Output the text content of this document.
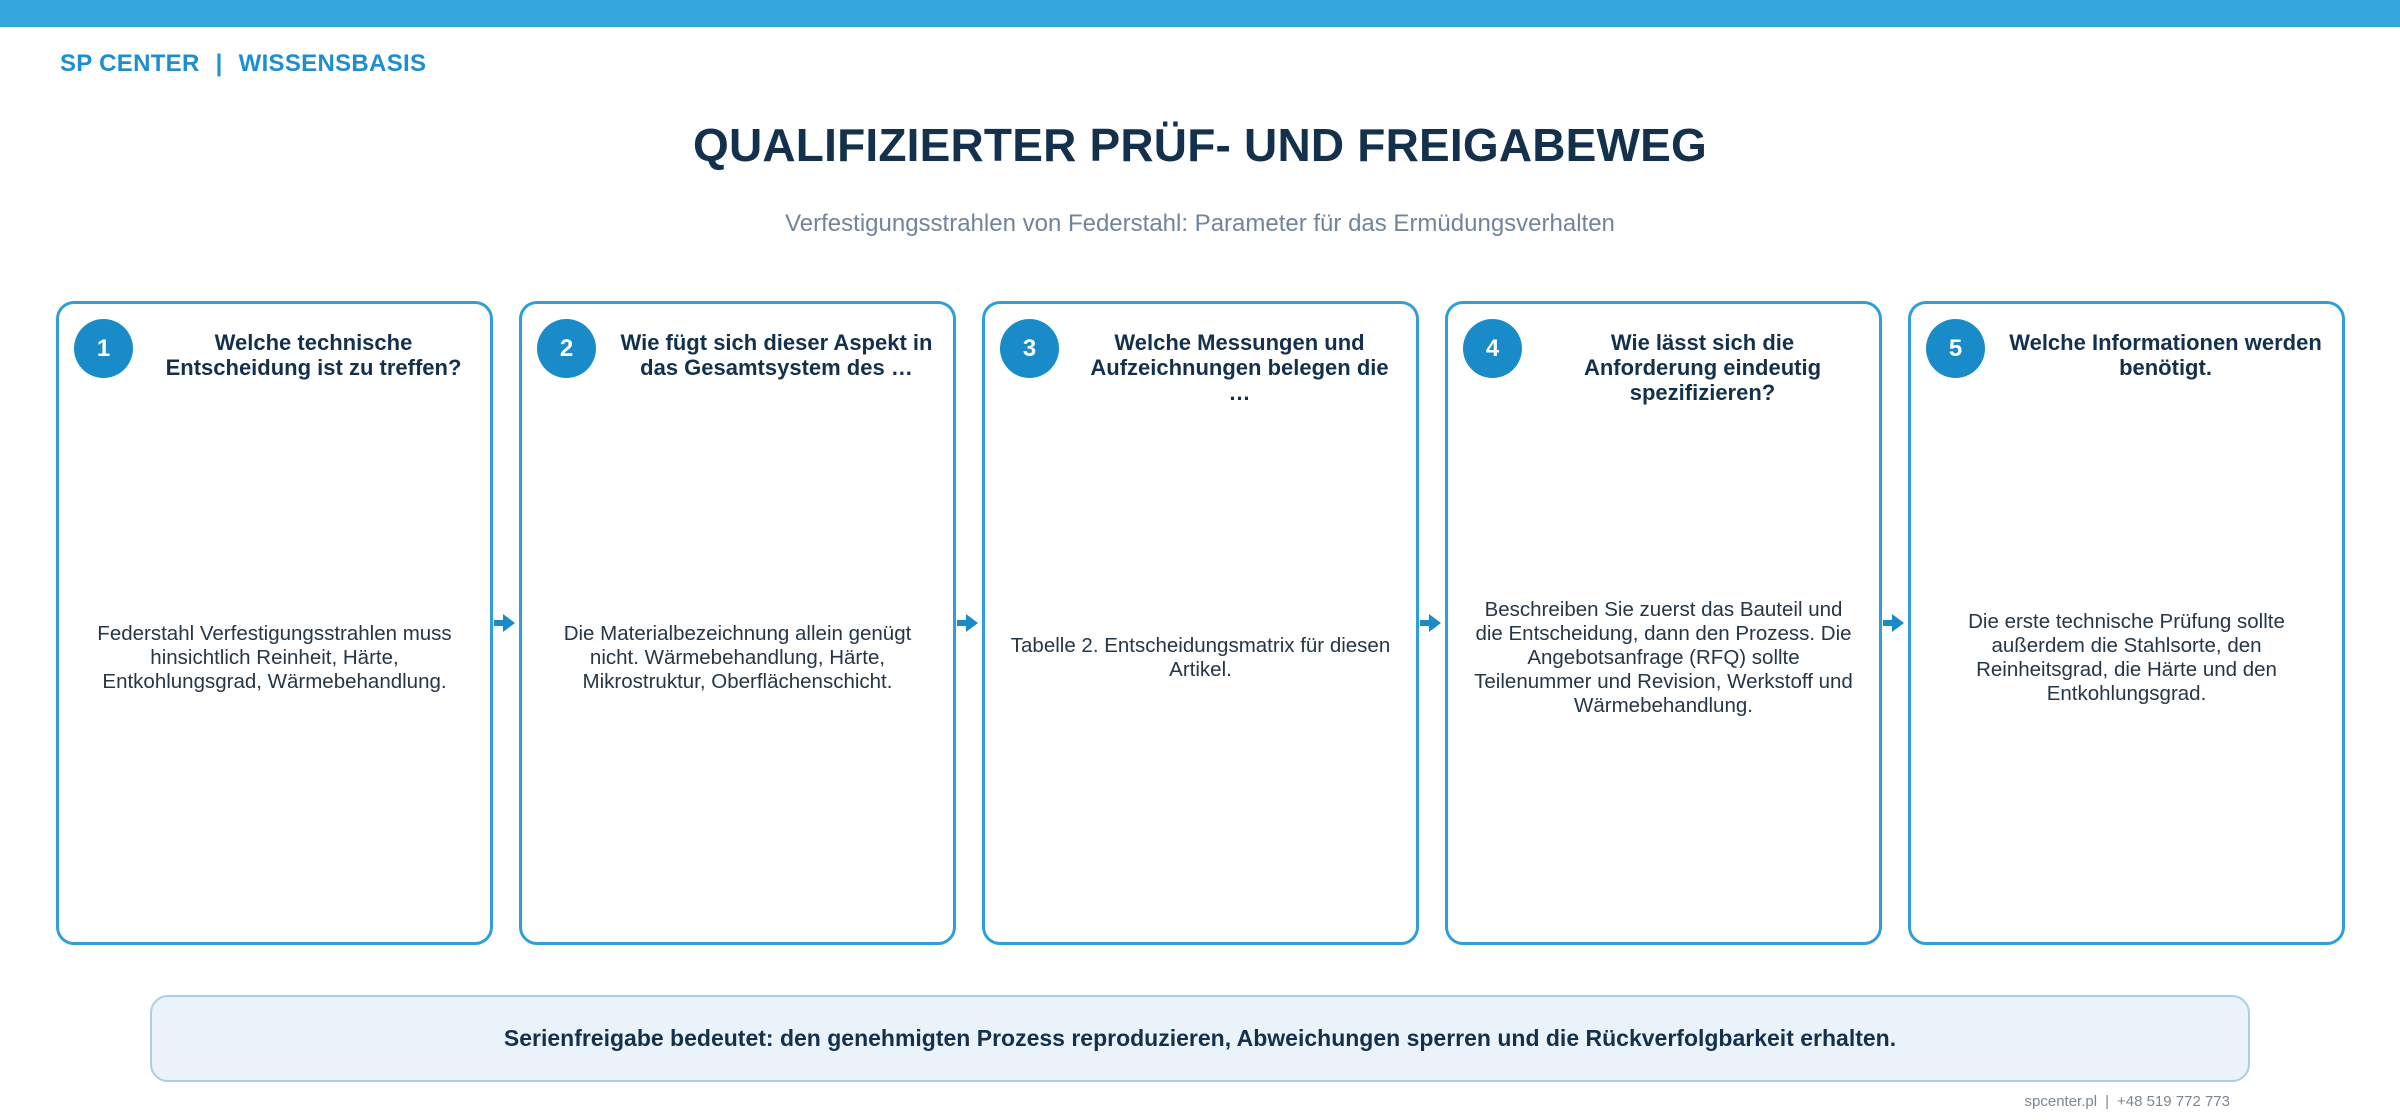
SP CENTER | WISSENSBASIS
QUALIFIZIERTER PRÜF- UND FREIGABEWEG
Verfestigungsstrahlen von Federstahl: Parameter für das Ermüdungsverhalten
1	Welche technische Entscheidung ist zu treffen?
Federstahl Verfestigungsstrahlen muss hinsichtlich Reinheit, Härte, Entkohlungsgrad, Wärmebehandlung.
2	Wie fügt sich dieser Aspekt in das Gesamtsystem des …
Die Materialbezeichnung allein genügt nicht. Wärmebehandlung, Härte, Mikrostruktur, Oberflächenschicht.
3	Welche Messungen und Aufzeichnungen belegen die …
Tabelle 2. Entscheidungsmatrix für diesen Artikel.
4	Wie lässt sich die Anforderung eindeutig spezifizieren?
Beschreiben Sie zuerst das Bauteil und die Entscheidung, dann den Prozess. Die Angebotsanfrage (RFQ) sollte Teilenummer und Revision, Werkstoff und Wärmebehandlung.
5	Welche Informationen werden benötigt.
Die erste technische Prüfung sollte außerdem die Stahlsorte, den Reinheitsgrad, die Härte und den Entkohlungsgrad.
Serienfreigabe bedeutet: den genehmigten Prozess reproduzieren, Abweichungen sperren und die Rückverfolgbarkeit erhalten.
spcenter.pl | +48 519 772 773
